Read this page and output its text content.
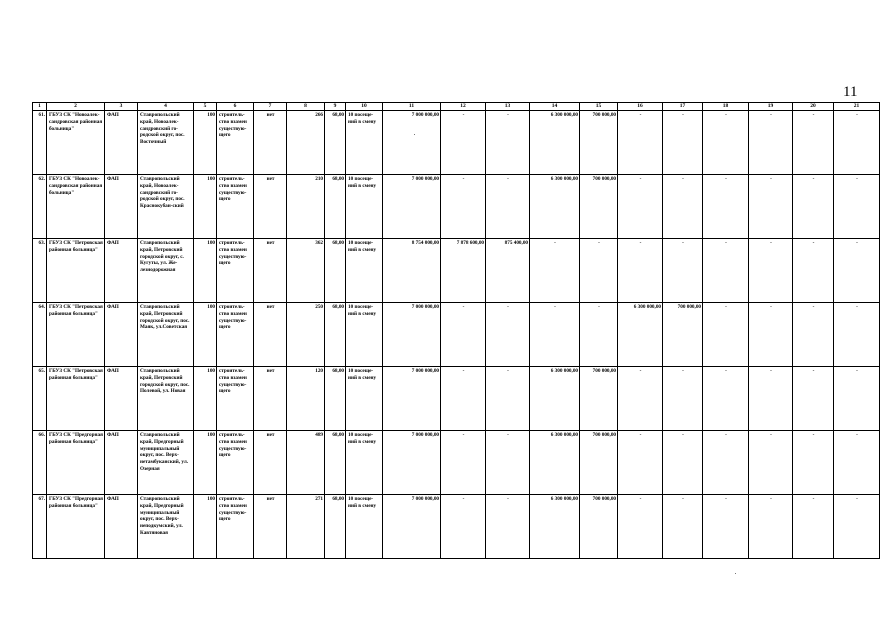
11
1	2	3	4	5	6	7	8	9	10	11	12	13	14	15	16	17	18	19	20	21
61.	ГБУЗ СК "Новоалек-сандровская районная больница"	ФАП	Ставропольский край, Новоалек-сандровский го-родской округ, пос. Восточный	100	строитель-ство взамен существую-щего	нет	266	68,00	10 посеще-ний в смену	7 000 000,00	-	-	6 300 000,00	700 000,00	-	-	-	-	-	-
62.	ГБУЗ СК "Новоалек-сандровская районная больница"	ФАП	Ставропольский край, Новоалек-сандровский го-родской округ, пос. Краснокубан-ский	100	строитель-ство взамен существую-щего	нет	210	68,00	10 посеще-ний в смену	7 000 000,00	-	-	6 300 000,00	700 000,00	-	-	-	-	-	-
63.	ГБУЗ СК "Петровская районная больница"	ФАП	Ставропольский край, Петровский городской округ, с. Кугуты, ул. Же-лезнодорожная	100	строитель-ство взамен существую-щего	нет	362	68,00	10 посеще-ний в смену	8 754 000,00	7 878 600,00	875 400,00	-	-	-	-	-	-	-	-
64.	ГБУЗ СК "Петровская районная больница"	ФАП	Ставропольский край, Петровский городской округ, пос. Маяк, ул.Советская	100	строитель-ство взамен существую-щего	нет	250	68,00	10 посеще-ний в смену	7 000 000,00	-	-	-	-	6 300 000,00	700 000,00	-	-	-	-
65.	ГБУЗ СК "Петровская районная больница"	ФАП	Ставропольский край, Петровский городской округ, пос. Полевой, ул. Новая	100	строитель-ство взамен существую-щего	нет	120	68,00	10 посеще-ний в смену	7 000 000,00	-	-	6 300 000,00	700 000,00	-	-	-	-	-	-
66.	ГБУЗ СК "Предгорная районная больница"	ФАП	Ставропольский край, Предгорный муниципальный округ, пос. Верх-нетамбуканский, ул. Озерная	100	строитель-ство взамен существую-щего	нет	489	68,00	10 посеще-ний в смену	7 000 000,00	-	-	6 300 000,00	700 000,00	-	-	-	-	-	-
67.	ГБУЗ СК "Предгорная районная больница"	ФАП	Ставропольский край, Предгорный муниципальный округ, пос. Верх-неподкумский, ул. Кавтяновая	100	строитель-ство взамен существую-щего	нет	271	68,00	10 посеще-ний в смену	7 000 000,00	-	-	6 300 000,00	700 000,00	-	-	-	-	-	-
